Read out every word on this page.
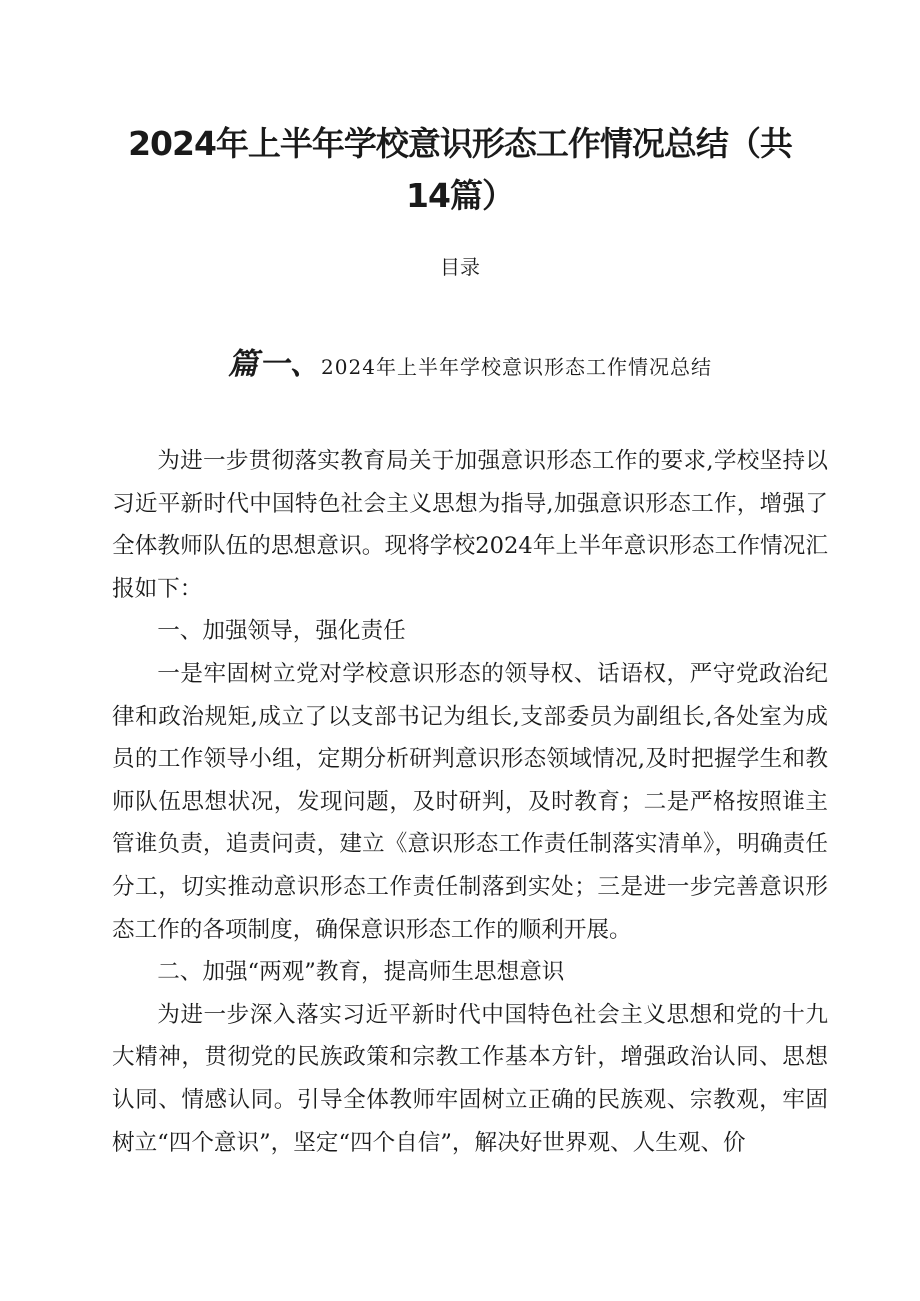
2024年上半年学校意识形态工作情况总结（共14篇）
目录
篇一、2024年上半年学校意识形态工作情况总结

为进一步贯彻落实教育局关于加强意识形态工作的要求,学校坚持以习近平新时代中国特色社会主义思想为指导,加强意识形态工作，增强了全体教师队伍的思想意识。现将学校2024年上半年意识形态工作情况汇报如下：

一、加强领导，强化责任

一是牢固树立党对学校意识形态的领导权、话语权，严守党政治纪律和政治规矩,成立了以支部书记为组长,支部委员为副组长,各处室为成员的工作领导小组，定期分析研判意识形态领域情况,及时把握学生和教师队伍思想状况，发现问题，及时研判，及时教育；二是严格按照谁主管谁负责，追责问责，建立《意识形态工作责任制落实清单》，明确责任分工，切实推动意识形态工作责任制落到实处；三是进一步完善意识形态工作的各项制度，确保意识形态工作的顺利开展。

二、加强“两观”教育，提高师生思想意识

为进一步深入落实习近平新时代中国特色社会主义思想和党的十九大精神，贯彻党的民族政策和宗教工作基本方针，增强政治认同、思想认同、情感认同。引导全体教师牢固树立正确的民族观、宗教观，牢固树立“四个意识”，坚定“四个自信”，解决好世界观、人生观、价
